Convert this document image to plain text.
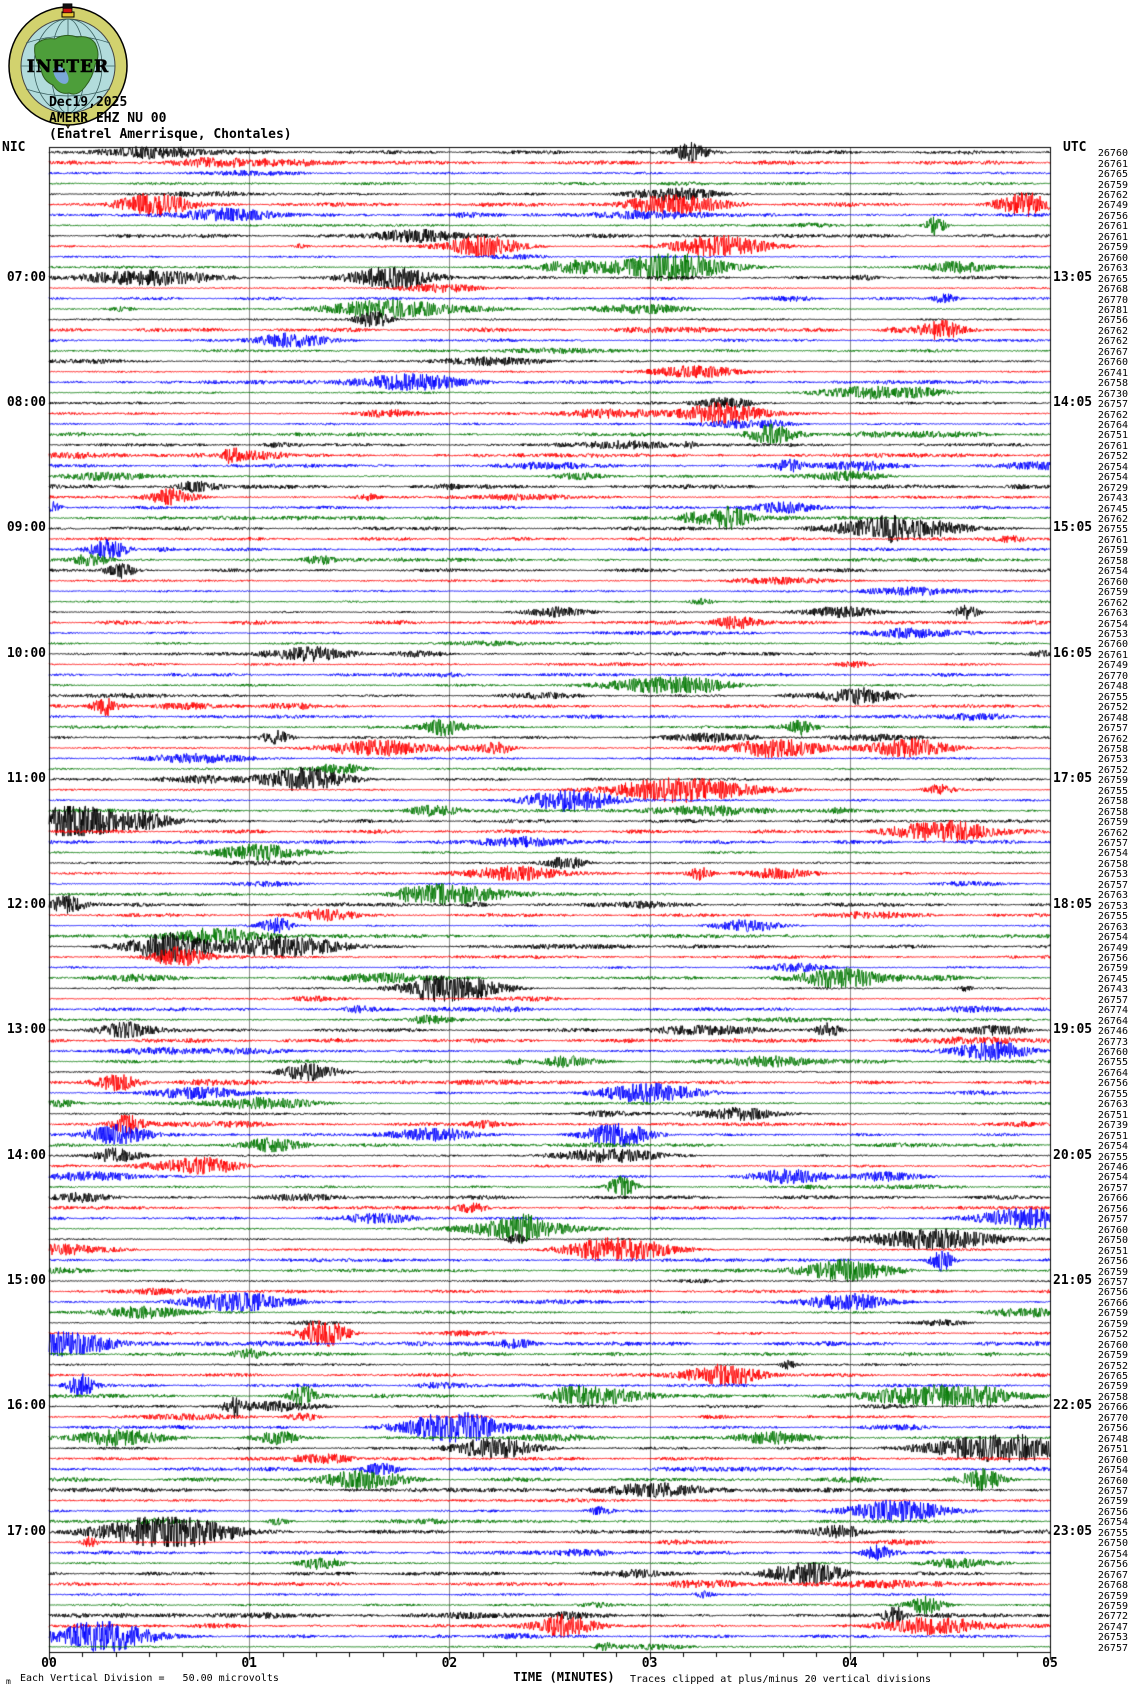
07:00
08:00
09:00
10:00
11:00
12:00
13:00
14:00
15:00
16:00
17:00
13:05
14:05
15:05
16:05
17:05
18:05
19:05
20:05
21:05
22:05
23:05
26760
26761
26765
26759
26762
26749
26756
26761
26761
26759
26760
26763
26765
26768
26770
26781
26756
26762
26762
26767
26760
26741
26758
26730
26757
26762
26764
26751
26761
26752
26754
26754
26729
26743
26745
26762
26755
26761
26759
26758
26754
26760
26759
26762
26763
26754
26753
26760
26761
26749
26770
26748
26755
26752
26748
26757
26762
26758
26753
26752
26759
26755
26758
26758
26759
26762
26757
26754
26758
26753
26757
26763
26753
26755
26763
26754
26749
26756
26759
26745
26743
26757
26774
26764
26746
26773
26760
26755
26764
26756
26755
26763
26751
26739
26751
26754
26755
26746
26754
26757
26766
26756
26757
26760
26750
26751
26756
26759
26757
26756
26766
26759
26759
26752
26760
26759
26752
26765
26759
26758
26766
26770
26756
26748
26751
26760
26754
26760
26757
26759
26756
26754
26755
26750
26754
26756
26767
26768
26759
26759
26772
26747
26753
26757
00	01	02	03	04	05
m Each Vertical Division =   50.00 microvolts	TIME (MINUTES) Traces clipped at plus/minus 20 vertical divisions
